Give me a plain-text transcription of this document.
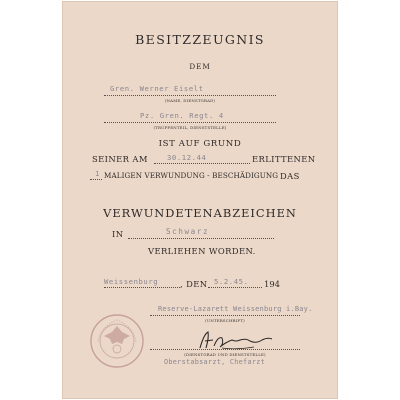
BESITZZEUGNIS
DEM
Gren. Werner Eiselt
(NAME, DIENSTGRAD)
Pz. Gren. Regt. 4
(TRUPPENTEIL, DIENSTSTELLE)
IST AUF GRUND
SEINER AM	30.12.44	ERLITTENEN
1 MALIGEN VERWUNDUNG - BESCHÄDIGUNG DAS
VERWUNDETENABZEICHEN
IN	Schwarz
VERLIEHEN WORDEN.
Weissenburg	, DEN 5.2.45. 194
Reserve-Lazarett Weissenburg i.Bay.
(UNTERSCHRIFT)
(DIENSTGRAD UND DIENSTSTELLE)
Oberstabsarzt, Chefarzt
